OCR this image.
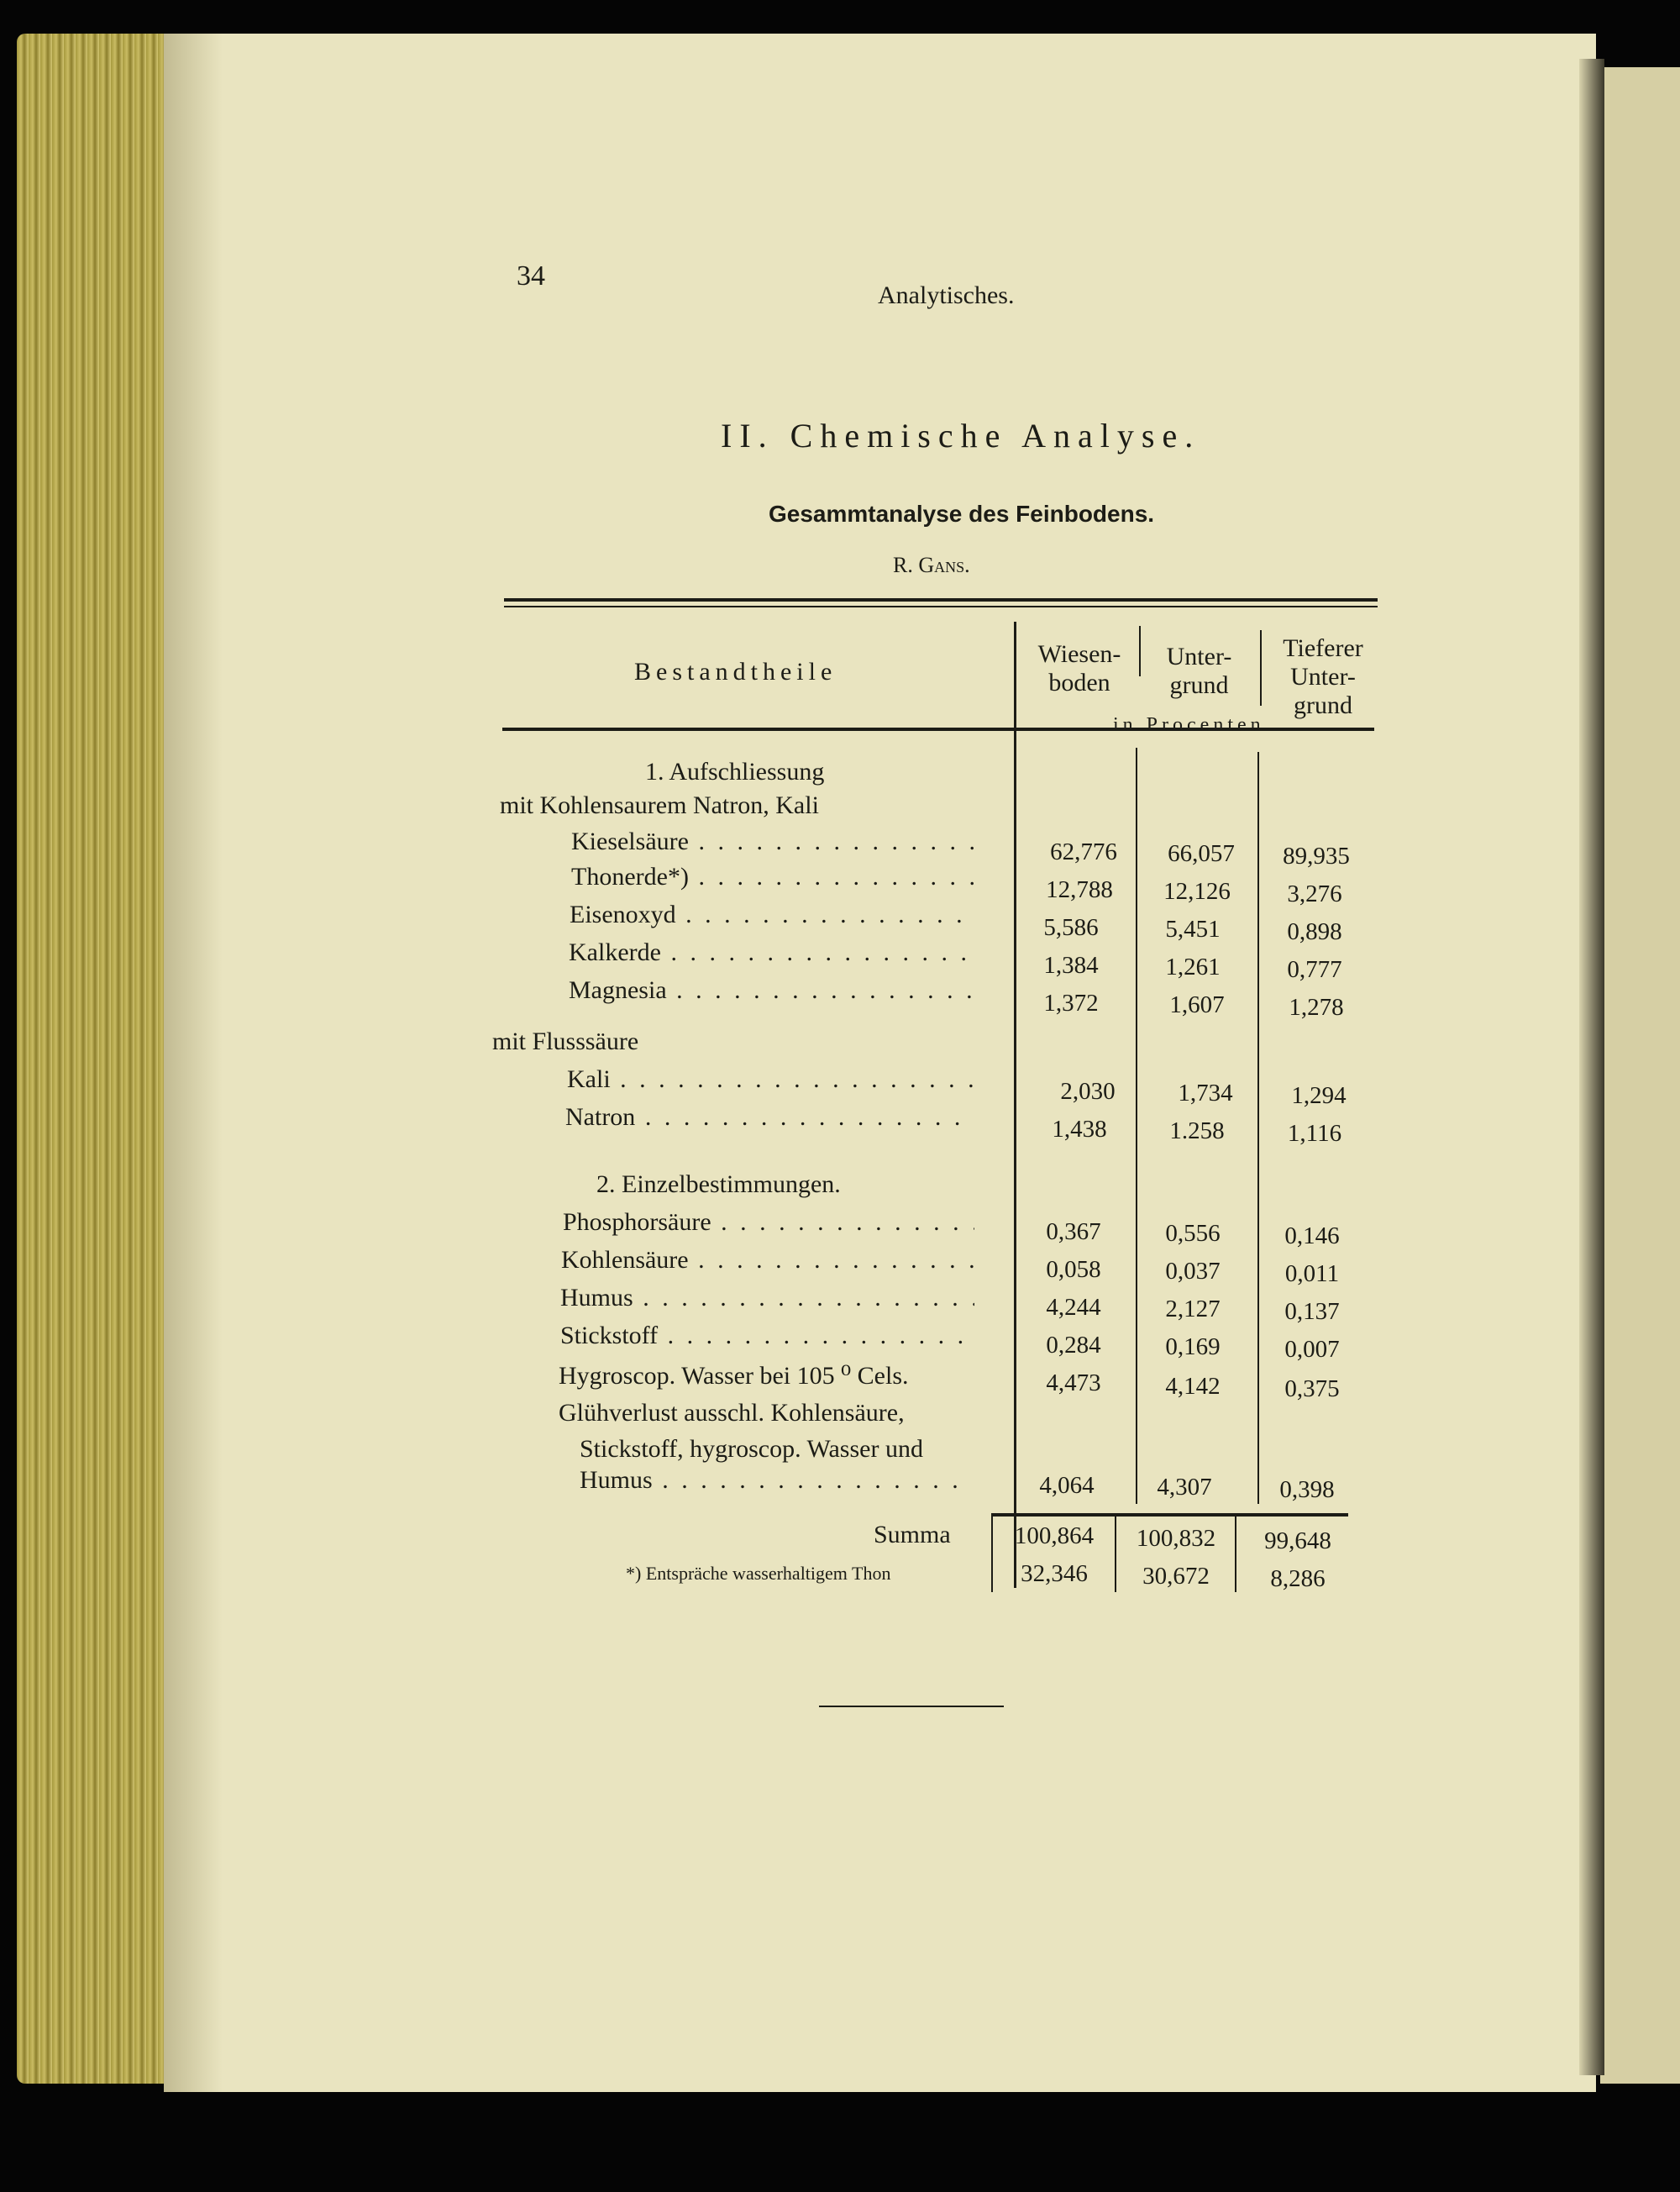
34
Analytisches.
II. Chemische Analyse.
Gesammtanalyse des Feinbodens.
R. Gans.
Bestandtheile
Wiesen-
boden
Unter-
grund
Tieferer
Unter-
grund
in Procenten
1. Aufschliessung
mit Kohlensaurem Natron, Kali
Kieselsäure . . .	62,776	66,057	89,935
Thonerde*) . . .	12,788	12,126	3,276
Eisenoxyd . . .	5,586	5,451	0,898
Kalkerde . . .	1,384	1,261	0,777
Magnesia . . .	1,372	1,607	1,278
mit Flusssäure
Kali . . .	2,030	1,734	1,294
Natron . . .	1,438	1.258	1,116
2. Einzelbestimmungen.
Phosphorsäure . . .	0,367	0,556	0,146
Kohlensäure . . .	0,058	0,037	0,011
Humus . . .	4,244	2,127	0,137
Stickstoff . . .	0,284	0,169	0,007
Hygroscop. Wasser bei 105 ⁰ Cels.	4,473	4,142	0,375
Glühverlust ausschl. Kohlensäure,
Stickstoff, hygroscop. Wasser und
Humus . . .	4,064	4,307	0,398
Summa	100,864	100,832	99,648
*) Entspräche wasserhaltigem Thon	32,346	30,672	8,286
